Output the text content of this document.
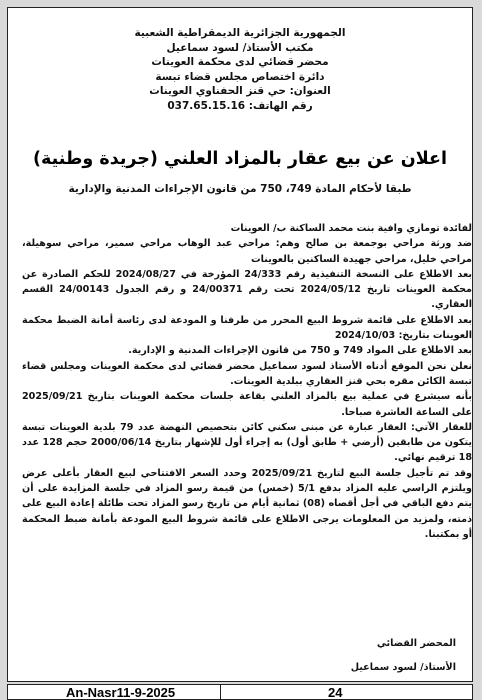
الجمهورية الجزائرية الديمقراطية الشعبية
مكتب الأستاذ/ لسود سماعيل
محضر قضائي لدى محكمة العوينات
دائرة اختصاص مجلس قضاء تبسة
العنوان: حي قنز الحفناوي العوينات
رقم الهاتف: 037.65.15.16
اعلان عن بيع عقار بالمزاد العلني (جريدة وطنية)
طبقا لأحكام المادة 749، 750 من قانون الإجراءات المدنية والإدارية

لفائدة تومازي وافية بنت محمد الساكنة ب/ العوينات

ضد ورثة مراحي بوجمعة بن صالح وهم: مراحي عبد الوهاب مراحي سمير، مراحي سوهيلة، مراحي خليل، مراحي جهيدة الساكنين بالعوينات

بعد الاطلاع على النسخة التنفيذية رقم 24/333 المؤرخة في 2024/08/27 للحكم الصادرة عن محكمة العوينات تاريخ 2024/05/12 تحت رقم 24/00371 و رقم الجدول 24/00143 القسم العقاري.

بعد الاطلاع على قائمة شروط البيع المحرر من طرفنا و المودعة لدى رئاسة أمانة الضبط محكمة العوينات بتاريخ: 2024/10/03

بعد الاطلاع على المواد 749 و 750 من قانون الإجراءات المدنية و الإدارية.

نعلن نحن الموقع أدناه الأستاذ لسود سماعيل محضر قضائي لدى محكمة العوينات ومجلس قضاء تبسة الكائن مقره بحي قنز العقاري ببلدية العوينات.

بأنه سيشرع في عملية بيع بالمزاد العلني بقاعة جلسات محكمة العوينات بتاريخ 2025/09/21 على الساعة العاشرة صباحا.

للعقار الآتي: العقار عبارة عن مبنى سكني كائن بتحصيص النهضة عدد 79 بلدية العوينات تبسة يتكون من طابقين (أرضي + طابق أول) به إجراء أول للإشهار بتاريخ 2000/06/14 حجم 128 عدد 18 ترقيم نهائي.

وقد تم تأجيل جلسة البيع لتاريخ 2025/09/21 وحدد السعر الافتتاحي لبيع العقار بأعلى عرض ويلتزم الراسي عليه المزاد بدفع 5/1 (خمس) من قيمة رسو المزاد في جلسة المزايدة على أن يتم دفع الباقي في أجل أقصاه (08) ثمانية أيام من تاريخ رسو المزاد تحت طائلة إعادة البيع على ذمته، ولمزيد من المعلومات يرجى الاطلاع على قائمة شروط البيع المودعة بأمانة ضبط المحكمة أو بمكتبنا.

المحضر القضائي
الأستاذ/ لسود سماعيل
An-Nasr11-9-2025	24
